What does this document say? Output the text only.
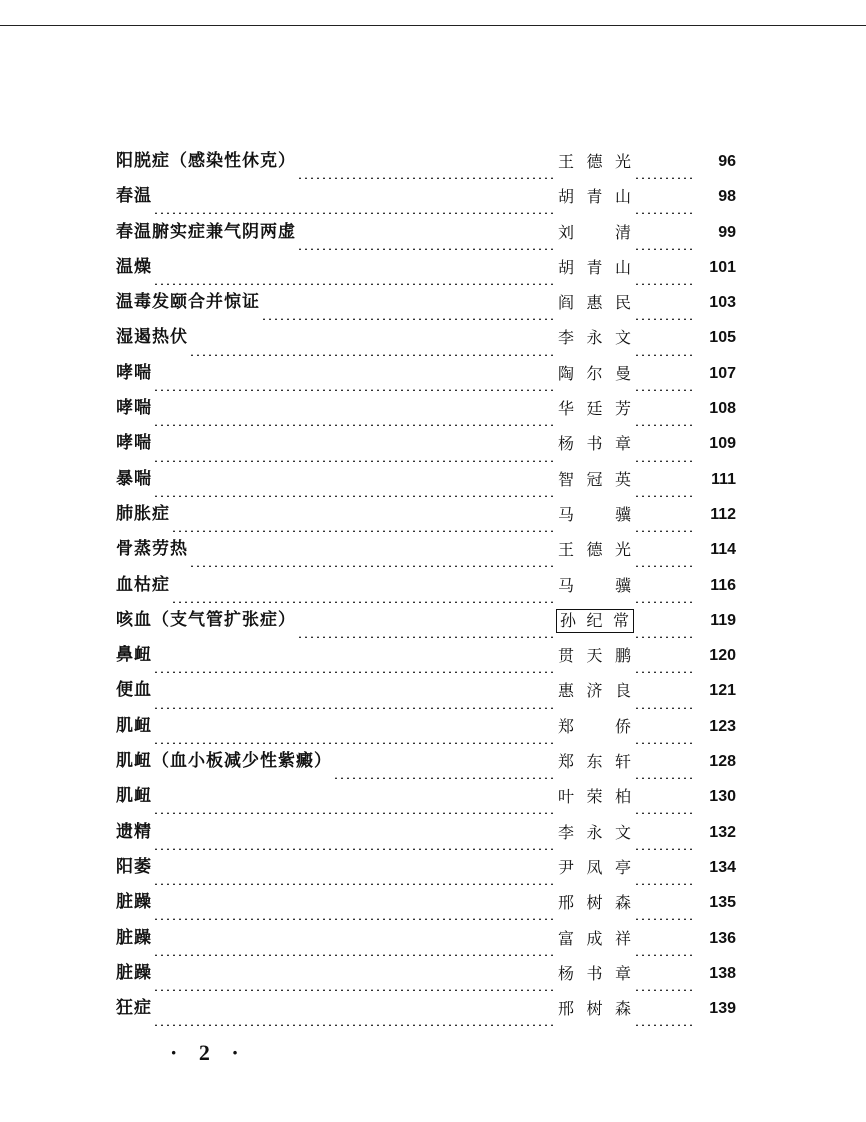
阳脱症（感染性休克）	王德光	96
春温	胡青山	98
春温腑实症兼气阴两虚	刘　清	99
温燥	胡青山	101
温毒发颐合并惊证	阎惠民	103
湿遏热伏	李永文	105
哮喘	陶尔曼	107
哮喘	华廷芳	108
哮喘	杨书章	109
暴喘	智冠英	111
肺胀症	马　骥	112
骨蒸劳热	王德光	114
血枯症	马　骥	116
咳血（支气管扩张症）	孙纪常	119
鼻衄	贯天鹏	120
便血	惠济良	121
肌衄	郑　侨	123
肌衄（血小板减少性紫癜）	郑东轩	128
肌衄	叶荣柏	130
遗精	李永文	132
阳萎	尹凤亭	134
脏躁	邢树森	135
脏躁	富成祥	136
脏躁	杨书章	138
狂症	邢树森	139
· 2 ·
